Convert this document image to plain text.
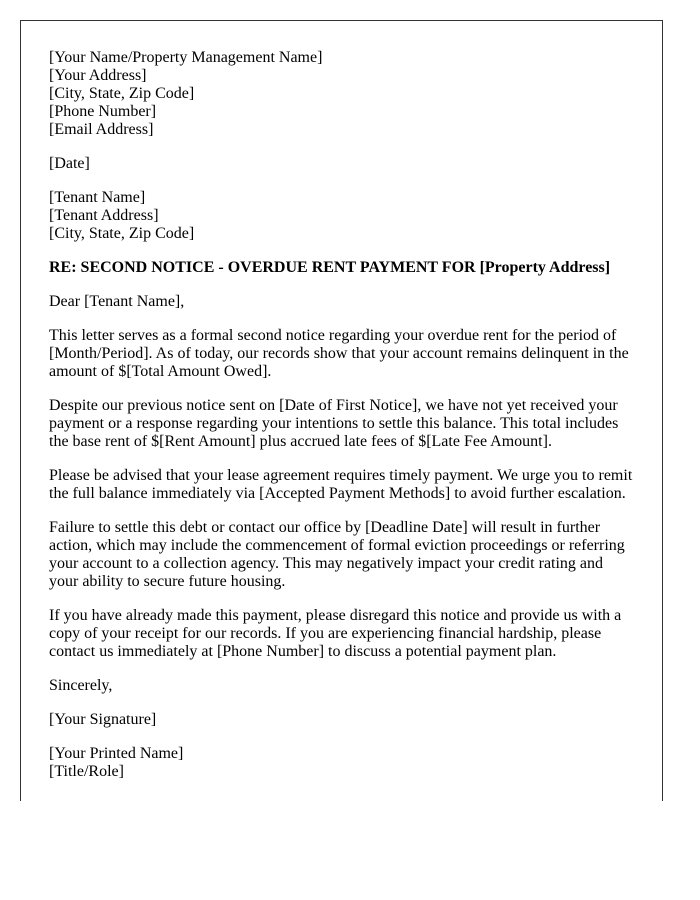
[Your Name/Property Management Name]
[Your Address]
[City, State, Zip Code]
[Phone Number]
[Email Address]

[Date]

[Tenant Name]
[Tenant Address]
[City, State, Zip Code]

RE: SECOND NOTICE - OVERDUE RENT PAYMENT FOR [Property Address]

Dear [Tenant Name],

This letter serves as a formal second notice regarding your overdue rent for the period of [Month/Period]. As of today, our records show that your account remains delinquent in the amount of $[Total Amount Owed].

Despite our previous notice sent on [Date of First Notice], we have not yet received your payment or a response regarding your intentions to settle this balance. This total includes the base rent of $[Rent Amount] plus accrued late fees of $[Late Fee Amount].

Please be advised that your lease agreement requires timely payment. We urge you to remit the full balance immediately via [Accepted Payment Methods] to avoid further escalation.

Failure to settle this debt or contact our office by [Deadline Date] will result in further action, which may include the commencement of formal eviction proceedings or referring your account to a collection agency. This may negatively impact your credit rating and your ability to secure future housing.

If you have already made this payment, please disregard this notice and provide us with a copy of your receipt for our records. If you are experiencing financial hardship, please contact us immediately at [Phone Number] to discuss a potential payment plan.

Sincerely,

[Your Signature]

[Your Printed Name]
[Title/Role]
